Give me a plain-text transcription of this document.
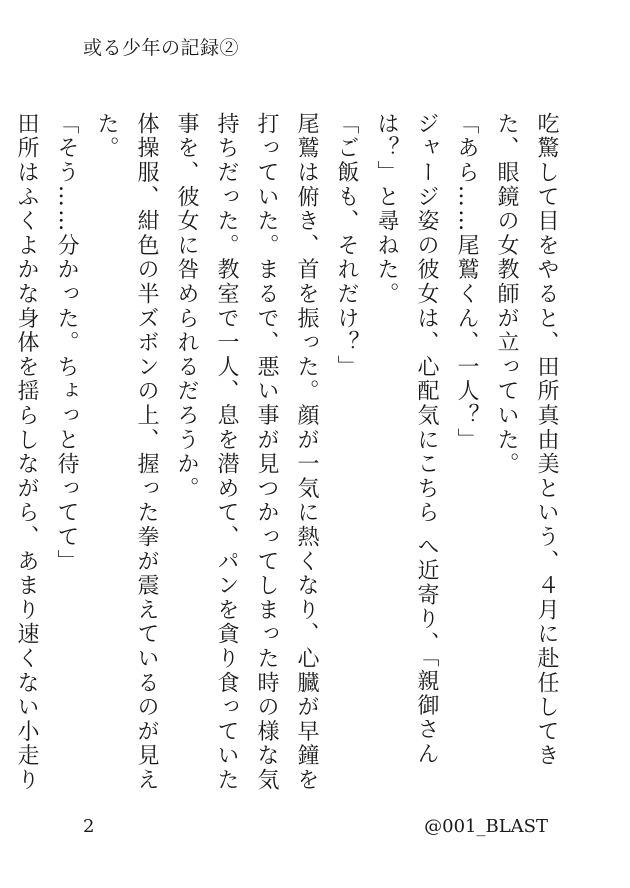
或る少年の記録②

吃驚して目をやると、田所真由美という、４月に赴任してきた、眼鏡の女教師が立っていた。

「あら……尾鷲くん、一人？」

ジャージ姿の彼女は、心配気にこちら へ近寄り、「親御さんは？」と尋ねた。

「ご飯も、それだけ？」

尾鷲は俯き、首を振った。顔が一気に熱くなり、心臓が早鐘を打っていた。まるで、悪い事が見つかってしまった時の様な気持ちだった。教室で一人、息を潜めて、パンを貪り食っていた事を、彼女に咎められるだろうか。

体操服、紺色の半ズボンの上、握った拳が震えているのが見えた。

「そう……分かった。ちょっと待ってて」

田所はふくよかな身体を揺らしながら、あまり速くない小走り

2	@001_BLAST
